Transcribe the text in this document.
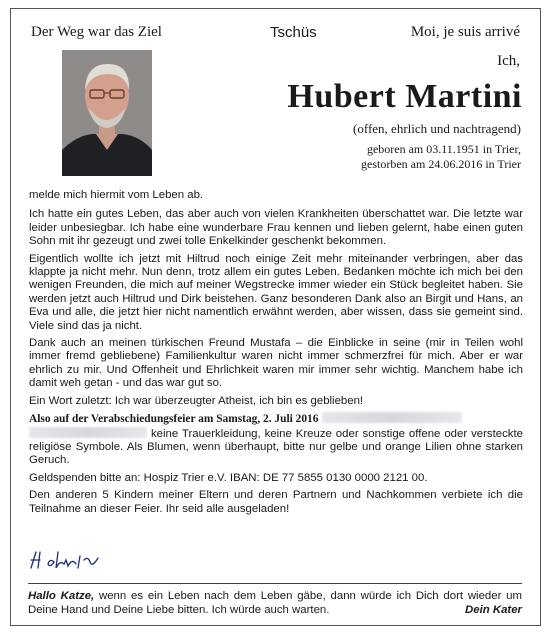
Der Weg war das Ziel	Tschüs	Moi, je suis arrivé
Ich,
Hubert Martini
(offen, ehrlich und nachtragend)
geboren am 03.11.1951 in Trier,
gestorben am 24.06.2016 in Trier

melde mich hiermit vom Leben ab.

Ich hatte ein gutes Leben, das aber auch von vielen Krankheiten überschattet war. Die letzte war leider unbesiegbar. Ich habe eine wunderbare Frau kennen und lieben gelernt, habe einen guten Sohn mit ihr gezeugt und zwei tolle Enkelkinder geschenkt bekommen.

Eigentlich wollte ich jetzt mit Hiltrud noch einige Zeit mehr miteinander verbringen, aber das klappte ja nicht mehr. Nun denn, trotz allem ein gutes Leben. Bedanken möchte ich mich bei den wenigen Freunden, die mich auf meiner Wegstrecke immer wieder ein Stück begleitet haben. Sie werden jetzt auch Hiltrud und Dirk beistehen. Ganz besonderen Dank also an Birgit und Hans, an Eva und alle, die jetzt hier nicht namentlich erwähnt werden, aber wissen, dass sie gemeint sind. Viele sind das ja nicht.

Dank auch an meinen türkischen Freund Mustafa – die Einblicke in seine (mir in Teilen wohl immer fremd gebliebene) Familienkultur waren nicht immer schmerzfrei für mich. Aber er war ehrlich zu mir. Und Offenheit und Ehrlichkeit waren mir immer sehr wichtig. Manchem habe ich damit weh getan - und das war gut so.

Ein Wort zuletzt: Ich war überzeugter Atheist, ich bin es geblieben!

Also auf der Verabschiedungsfeier am Samstag, 2. Juli 2016
keine Trauerkleidung, keine Kreuze oder sonstige offene oder versteckte religiöse Symbole. Als Blumen, wenn überhaupt, bitte nur gelbe und orange Lilien ohne starken Geruch.

Geldspenden bitte an: Hospiz Trier e.V. IBAN: DE 77 5855 0130 0000 2121 00.

Den anderen 5 Kindern meiner Eltern und deren Partnern und Nachkommen verbiete ich die Teilnahme an dieser Feier. Ihr seid alle ausgeladen!

Hallo Katze, wenn es ein Leben nach dem Leben gäbe, dann würde ich Dich dort wieder um Deine Hand und Deine Liebe bitten. Ich würde auch warten.	Dein Kater
